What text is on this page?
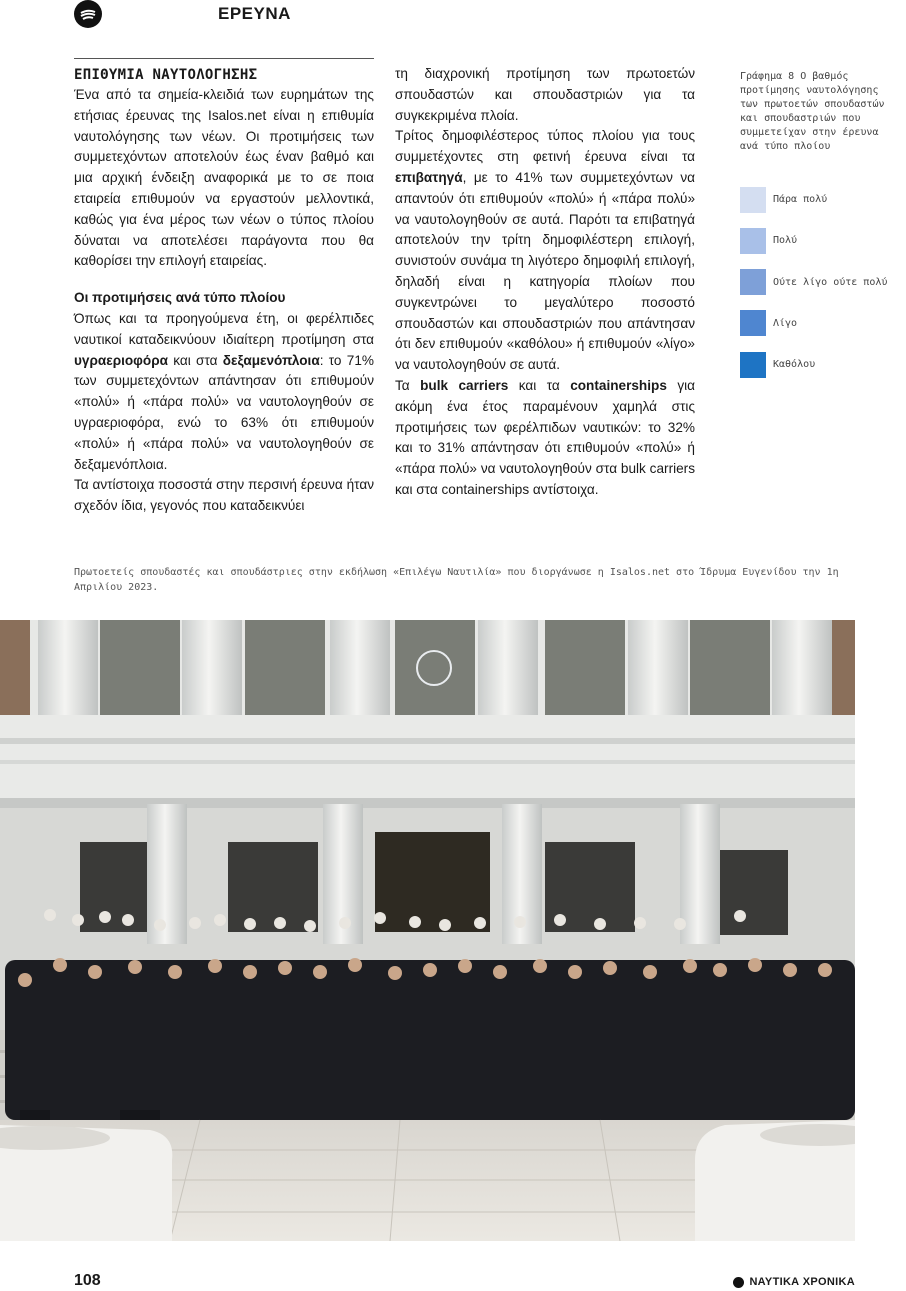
ΕΡΕΥΝΑ

ΕΠΙΘΥΜΙΑ ΝΑΥΤΟΛΟΓΗΣΗΣ

Ένα από τα σημεία-κλειδιά των ευρημάτων της ετήσιας έρευνας της Isalos.net είναι η επιθυμία ναυτολόγησης των νέων. Οι προτιμήσεις των συμμετεχόντων αποτελούν έως έναν βαθμό και μια αρχική ένδειξη αναφορικά με το σε ποια εταιρεία επιθυμούν να εργαστούν μελλοντικά, καθώς για ένα μέρος των νέων ο τύπος πλοίου δύναται να αποτελέσει παράγοντα που θα καθορίσει την επιλογή εταιρείας.

Οι προτιμήσεις ανά τύπο πλοίου

Όπως και τα προηγούμενα έτη, οι φερέλπιδες ναυτικοί καταδεικνύουν ιδιαίτερη προτίμηση στα υγραεριοφόρα και στα δεξαμενόπλοια: το 71% των συμμετεχόντων απάντησαν ότι επιθυμούν «πολύ» ή «πάρα πολύ» να ναυτολογηθούν σε υγραεριοφόρα, ενώ το 63% ότι επιθυμούν «πολύ» ή «πάρα πολύ» να ναυτολογηθούν σε δεξαμενόπλοια.

Τα αντίστοιχα ποσοστά στην περσινή έρευνα ήταν σχεδόν ίδια, γεγονός που καταδεικνύει

τη διαχρονική προτίμηση των πρωτοετών σπουδαστών και σπουδαστριών για τα συγκεκριμένα πλοία.

Τρίτος δημοφιλέστερος τύπος πλοίου για τους συμμετέχοντες στη φετινή έρευνα είναι τα επιβατηγά, με το 41% των συμμετεχόντων να απαντούν ότι επιθυμούν «πολύ» ή «πάρα πολύ» να ναυτολογηθούν σε αυτά. Παρότι τα επιβατηγά αποτελούν την τρίτη δημοφιλέστερη επιλογή, συνιστούν συνάμα τη λιγότερο δημοφιλή επιλογή, δηλαδή είναι η κατηγορία πλοίων που συγκεντρώνει το μεγαλύτερο ποσοστό σπουδαστών και σπουδαστριών που απάντησαν ότι δεν επιθυμούν «καθόλου» ή επιθυμούν «λίγο» να ναυτολογηθούν σε αυτά.

Τα bulk carriers και τα containerships για ακόμη ένα έτος παραμένουν χαμηλά στις προτιμήσεις των φερέλπιδων ναυτικών: το 32% και το 31% απάντησαν ότι επιθυμούν «πολύ» ή «πάρα πολύ» να ναυτολογηθούν στα bulk carriers και στα containerships αντίστοιχα.

Γράφημα 8 Ο βαθμός προτίμησης ναυτολόγησης των πρωτοετών σπουδαστών και σπουδαστριών που συμμετείχαν στην έρευνα ανά τύπο πλοίου
Πάρα πολύ
Πολύ
Ούτε λίγο ούτε πολύ
Λίγο
Καθόλου
Πρωτοετείς σπουδαστές και σπουδάστριες στην εκδήλωση «Επιλέγω Ναυτιλία» που διοργάνωσε η Isalos.net στο Ίδρυμα Ευγενίδου την 1η Απριλίου 2023.
108	ΝΑΥΤΙΚΑ ΧΡΟΝΙΚΑ
